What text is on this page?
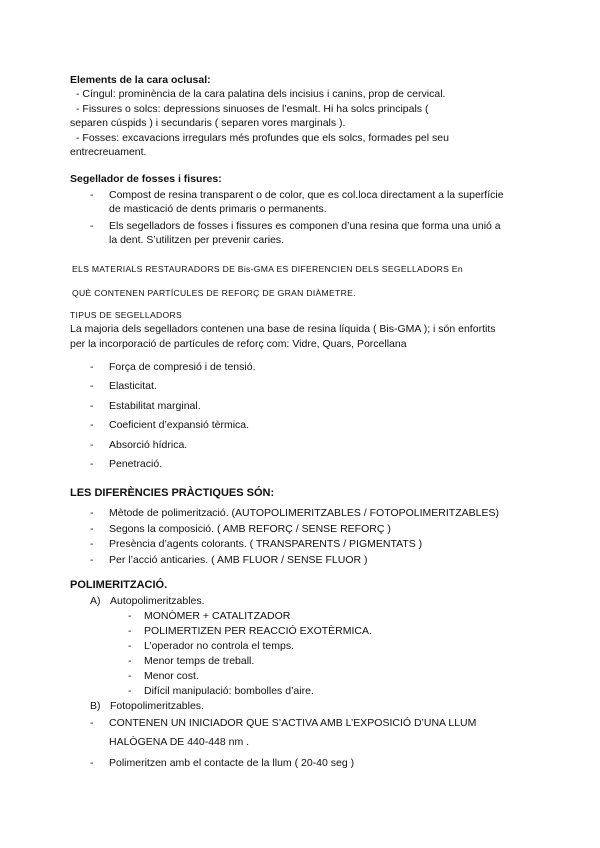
Elements de la cara oclusal:
- Cíngul: prominència de la cara palatina dels incisius i canins, prop de cervical.
- Fissures o solcs: depressions sinuoses de l’esmalt. Hi ha solcs principals (
separen cúspids ) i secundaris ( separen vores marginals ).
- Fosses: excavacions irregulars més profundes que els solcs, formades pel seu
entrecreuament.
Segellador de fosses i fisures:
- Compost de resina transparent o de color, que es col.loca directament a la superfície
de masticació de dents primaris o permanents.
- Els segelladors de fosses i fissures es componen d’una resina que forma una unió a
la dent. S’utilitzen per prevenir caries.
ELS MATERIALS RESTAURADORS DE Bis-GMA ES DIFERENCIEN DELS SEGELLADORS En
QUÈ CONTENEN PARTÍCULES DE REFORÇ DE GRAN DIÀMETRE.
TIPUS DE SEGELLADORS
La majoria dels segelladors contenen una base de resina líquida ( Bis-GMA ); i són enfortits
per la incorporació de partícules de reforç com: Vidre, Quars, Porcellana
- Força de compresió i de tensió.
- Elasticitat.
- Estabilitat marginal.
- Coeficient d’expansió tèrmica.
- Absorció hídrica.
- Penetració.
LES DIFERÈNCIES PRÀCTIQUES SÓN:
- Mètode de polimerització. (AUTOPOLIMERITZABLES / FOTOPOLIMERITZABLES)
- Segons la composició. ( AMB REFORÇ / SENSE REFORÇ )
- Presència d’agents colorants. ( TRANSPARENTS / PIGMENTATS )
- Per l’acció anticaries. ( AMB FLUOR / SENSE FLUOR )
POLIMERITZACIÓ.
A) Autopolimeritzables.
- MONÒMER + CATALITZADOR
- POLIMERTIZEN PER REACCIÓ EXOTÈRMICA.
- L’operador no controla el temps.
- Menor temps de treball.
- Menor cost.
- Difícil manipulació: bombolles d’aire.
B) Fotopolimeritzables.
- CONTENEN UN INICIADOR QUE S’ACTIVA AMB L’EXPOSICIÓ D’UNA LLUM
HALÒGENA DE 440-448 nm .
- Polimeritzen amb el contacte de la llum ( 20-40 seg )
